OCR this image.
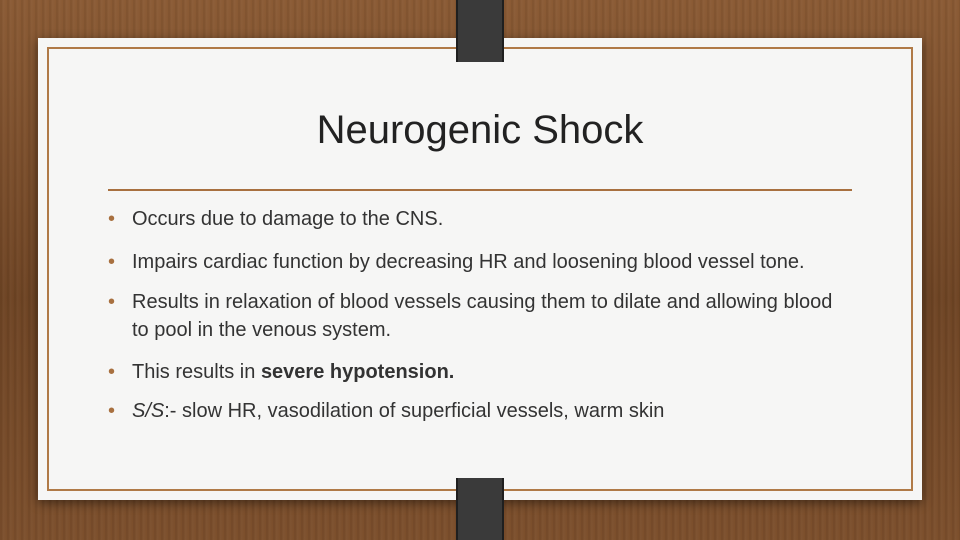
Neurogenic Shock
• Occurs due to damage to the CNS.
• Impairs cardiac function by decreasing HR and loosening blood vessel tone.
• Results in relaxation of blood vessels causing them to dilate and allowing blood to pool in the venous system.
• This results in severe hypotension.
• S/S:- slow HR, vasodilation of superficial vessels, warm skin
